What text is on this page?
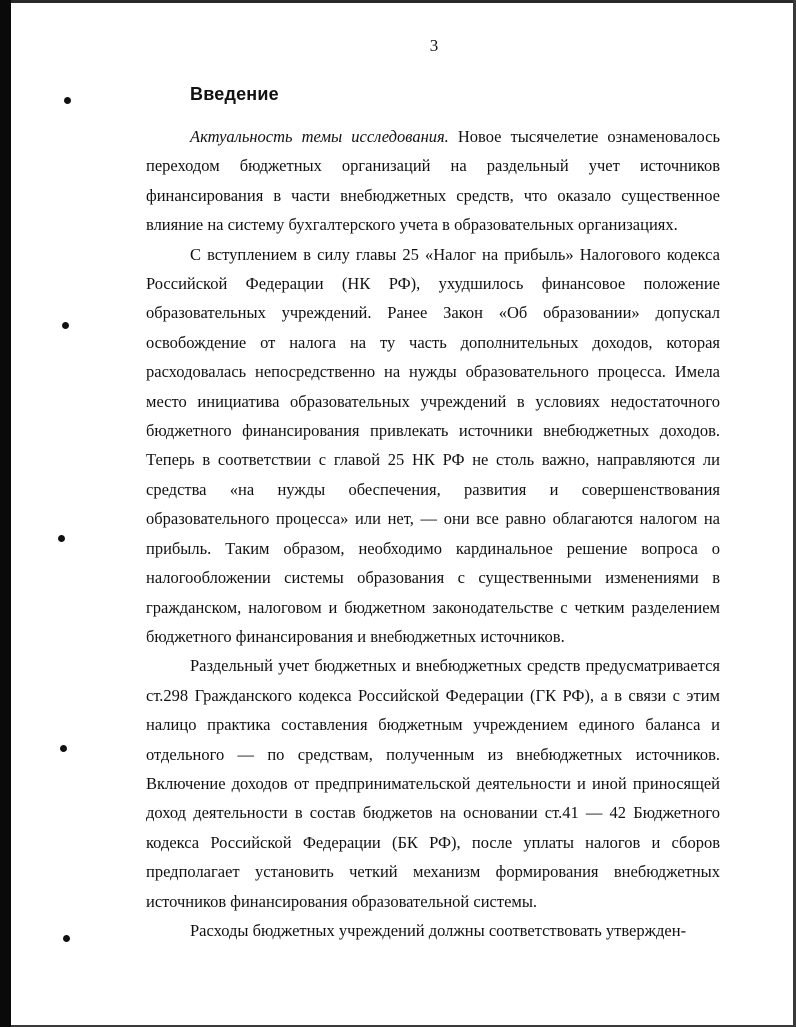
3
Введение

Актуальность темы исследования. Новое тысячелетие ознаменовалось переходом бюджетных организаций на раздельный учет источников финансирования в части внебюджетных средств, что оказало существенное влияние на систему бухгалтерского учета в образовательных организациях.

С вступлением в силу главы 25 «Налог на прибыль» Налогового кодекса Российской Федерации (НК РФ), ухудшилось финансовое положение образовательных учреждений. Ранее Закон «Об образовании» допускал освобождение от налога на ту часть дополнительных доходов, которая расходовалась непосредственно на нужды образовательного процесса. Имела место инициатива образовательных учреждений в условиях недостаточного бюджетного финансирования привлекать источники внебюджетных доходов. Теперь в соответствии с главой 25 НК РФ не столь важно, направляются ли средства «на нужды обеспечения, развития и совершенствования образовательного процесса» или нет, — они все равно облагаются налогом на прибыль. Таким образом, необходимо кардинальное решение вопроса о налогообложении системы образования с существенными изменениями в гражданском, налоговом и бюджетном законодательстве с четким разделением бюджетного финансирования и внебюджетных источников.

Раздельный учет бюджетных и внебюджетных средств предусматривается ст.298 Гражданского кодекса Российской Федерации (ГК РФ), а в связи с этим налицо практика составления бюджетным учреждением единого баланса и отдельного — по средствам, полученным из внебюджетных источников. Включение доходов от предпринимательской деятельности и иной приносящей доход деятельности в состав бюджетов на основании ст.41 — 42 Бюджетного кодекса Российской Федерации (БК РФ), после уплаты налогов и сборов предполагает установить четкий механизм формирования внебюджетных источников финансирования образовательной системы.

Расходы бюджетных учреждений должны соответствовать утвержден-
